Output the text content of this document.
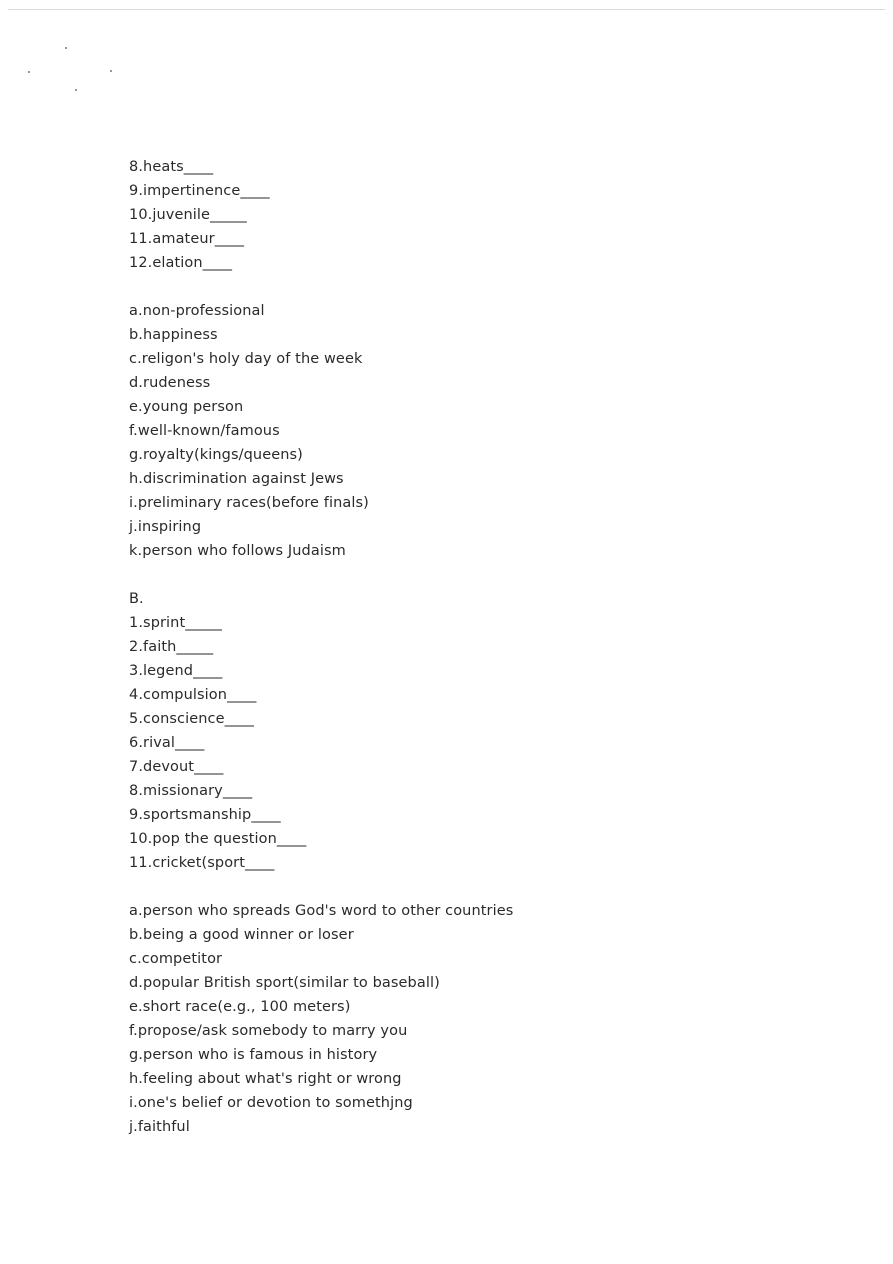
8.heats____
9.impertinence____
10.juvenile_____
11.amateur____
12.elation____
a.non-professional
b.happiness
c.religon's holy day of the week
d.rudeness
e.young person
f.well-known/famous
g.royalty(kings/queens)
h.discrimination against Jews
i.preliminary races(before finals)
j.inspiring
k.person who follows Judaism
B.
1.sprint_____
2.faith_____
3.legend____
4.compulsion____
5.conscience____
6.rival____
7.devout____
8.missionary____
9.sportsmanship____
10.pop the question____
11.cricket(sport____
a.person who spreads God's word to other countries
b.being a good winner or loser
c.competitor
d.popular British sport(similar to baseball)
e.short race(e.g., 100 meters)
f.propose/ask somebody to marry you
g.person who is famous in history
h.feeling about what's right or wrong
i.one's belief or devotion to somethjng
j.faithful
